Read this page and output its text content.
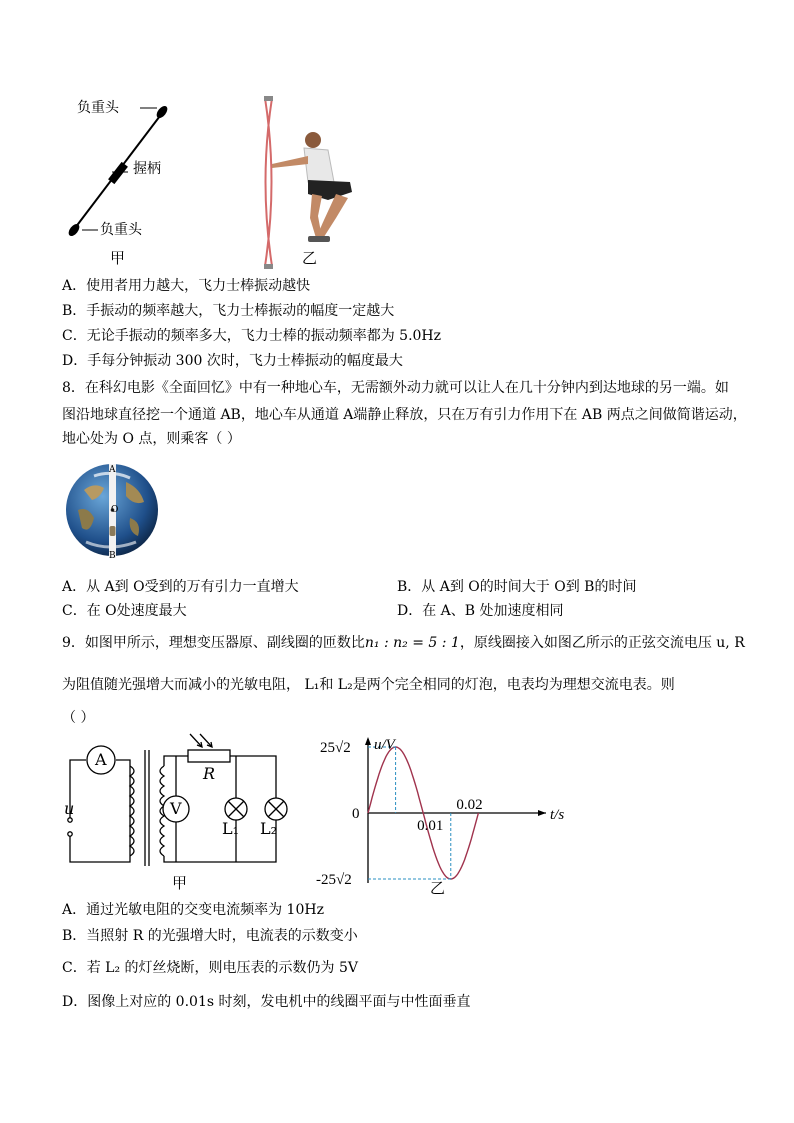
负重头
握柄
负重头
甲	乙
A．使用者用力越大，飞力士棒振动越快
B．手振动的频率越大，飞力士棒振动的幅度一定越大
C．无论手振动的频率多大，飞力士棒的振动频率都为 5.0Hz
D．手每分钟振动 300 次时，飞力士棒振动的幅度最大
8．在科幻电影《全面回忆》中有一种地心车，无需额外动力就可以让人在几十分钟内到达地球的另一端。如
图沿地球直径挖一个通道 AB，地心车从通道 A端静止释放，只在万有引力作用下在 AB 两点之间做简谐运动，
地心处为 O 点，则乘客（ ）
A
O
B
A．从 A到 O受到的万有引力一直增大	B．从 A到 O的时间大于 O到 B的时间
C．在 O处速度最大	D．在 A、B 处加速度相同
9．如图甲所示，理想变压器原、副线圈的匝数比n₁ : n₂ = 5 : 1，原线圈接入如图乙所示的正弦交流电压 u, R
为阻值随光强增大而减小的光敏电阻， L₁和 L₂是两个完全相同的灯泡，电表均为理想交流电表。则
（ ）
A
V
R
u
L₁ L₂
甲
u/V
t/s
25√2
0
-25√2
0.01
0.02
乙
A．通过光敏电阻的交变电流频率为 10Hz
B．当照射 R 的光强增大时，电流表的示数变小
C．若 L₂ 的灯丝烧断，则电压表的示数仍为 5V
D．图像上对应的 0.01s 时刻，发电机中的线圈平面与中性面垂直
